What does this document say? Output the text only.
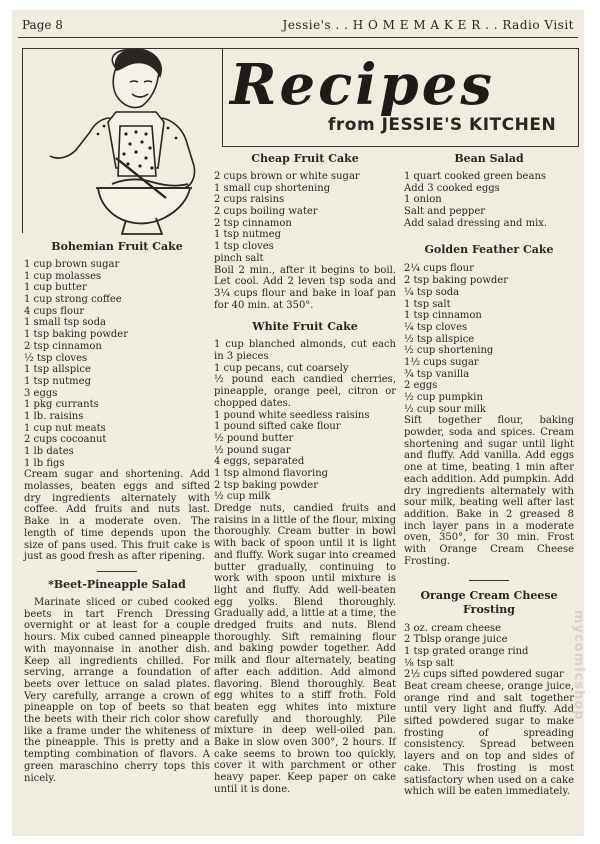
Page 8	Jessie's . . H O M E M A K E R . . Radio Visit
Recipes
from JESSIE'S KITCHEN
Bohemian Fruit Cake
1 cup brown sugar
1 cup molasses
1 cup butter
1 cup strong coffee
4 cups flour
1 small tsp soda
1 tsp baking powder
2 tsp cinnamon
½ tsp cloves
1 tsp allspice
1 tsp nutmeg
3 eggs
1 pkg currants
1 lb. raisins
1 cup nut meats
2 cups cocoanut
1 lb dates
1 lb figs
Cream sugar and shortening. Add molasses, beaten eggs and sifted dry ingredients alternately with coffee. Add fruits and nuts last. Bake in a moderate oven. The length of time depends upon the size of pans used. This fruit cake is just as good fresh as after ripening.
*Beet-Pineapple Salad
Marinate sliced or cubed cooked beets in tart French Dressing overnight or at least for a couple hours. Mix cubed canned pineapple with mayonnaise in another dish. Keep all ingredients chilled. For serving, arrange a foundation of beets over lettuce on salad plates. Very carefully, arrange a crown of pineapple on top of beets so that the beets with their rich color show like a frame under the whiteness of the pineapple. This is pretty and a tempting combination of flavors. A green maraschino cherry tops this nicely.
Cheap Fruit Cake
2 cups brown or white sugar
1 small cup shortening
2 cups raisins
2 cups boiling water
2 tsp cinnamon
1 tsp nutmeg
1 tsp cloves
pinch salt
Boil 2 min., after it begins to boil. Let cool. Add 2 leven tsp soda and 3¼ cups flour and bake in loaf pan for 40 min. at 350°.
White Fruit Cake
1 cup blanched almonds, cut each in 3 pieces
1 cup pecans, cut coarsely
½ pound each candied cherries, pineapple, orange peel, citron or chopped dates.
1 pound white seedless raisins
1 pound sifted cake flour
½ pound butter
½ pound sugar
4 eggs, separated
1 tsp almond flavoring
2 tsp baking powder
½ cup milk
Dredge nuts, candied fruits and raisins in a little of the flour, mixing thoroughly. Cream butter in bowl with back of spoon until it is light and fluffy. Work sugar into creamed butter gradually, continuing to work with spoon until mixture is light and fluffy. Add well-beaten egg yolks. Blend thoroughly. Gradually add, a little at a time, the dredged fruits and nuts. Blend thoroughly. Sift remaining flour and baking powder together. Add milk and flour alternately, beating after each addition. Add almond flavoring. Blend thoroughly. Beat egg whites to a stiff froth. Fold beaten egg whites into mixture carefully and thoroughly. Pile mixture in deep well-oiled pan. Bake in slow oven 300°, 2 hours. If cake seems to brown too quickly, cover it with parchment or other heavy paper. Keep paper on cake until it is done.
Bean Salad
1 quart cooked green beans
Add 3 cooked eggs
1 onion
Salt and pepper
Add salad dressing and mix.
Golden Feather Cake
2¼ cups flour
2 tsp baking powder
¼ tsp soda
1 tsp salt
1 tsp cinnamon
¼ tsp cloves
½ tsp allspice
½ cup shortening
1½ cups sugar
¾ tsp vanilla
2 eggs
½ cup pumpkin
½ cup sour milk
Sift together flour, baking powder, soda and spices. Cream shortening and sugar until light and fluffy. Add vanilla. Add eggs one at time, beating 1 min after each addition. Add pumpkin. Add dry ingredients alternately with sour milk, beating well after last addition. Bake in 2 greased 8 inch layer pans in a moderate oven, 350°, for 30 min. Frost with Orange Cream Cheese Frosting.
Orange Cream Cheese
Frosting
3 oz. cream cheese
2 Tblsp orange juice
1 tsp grated orange rind
⅛ tsp salt
2½ cups sifted powdered sugar
Beat cream cheese, orange juice, orange rind and salt together until very light and fluffy. Add sifted powdered sugar to make frosting of spreading consistency. Spread between layers and on top and sides of cake. This frosting is most satisfactory when used on a cake which will be eaten immediately.
mycomicshop
